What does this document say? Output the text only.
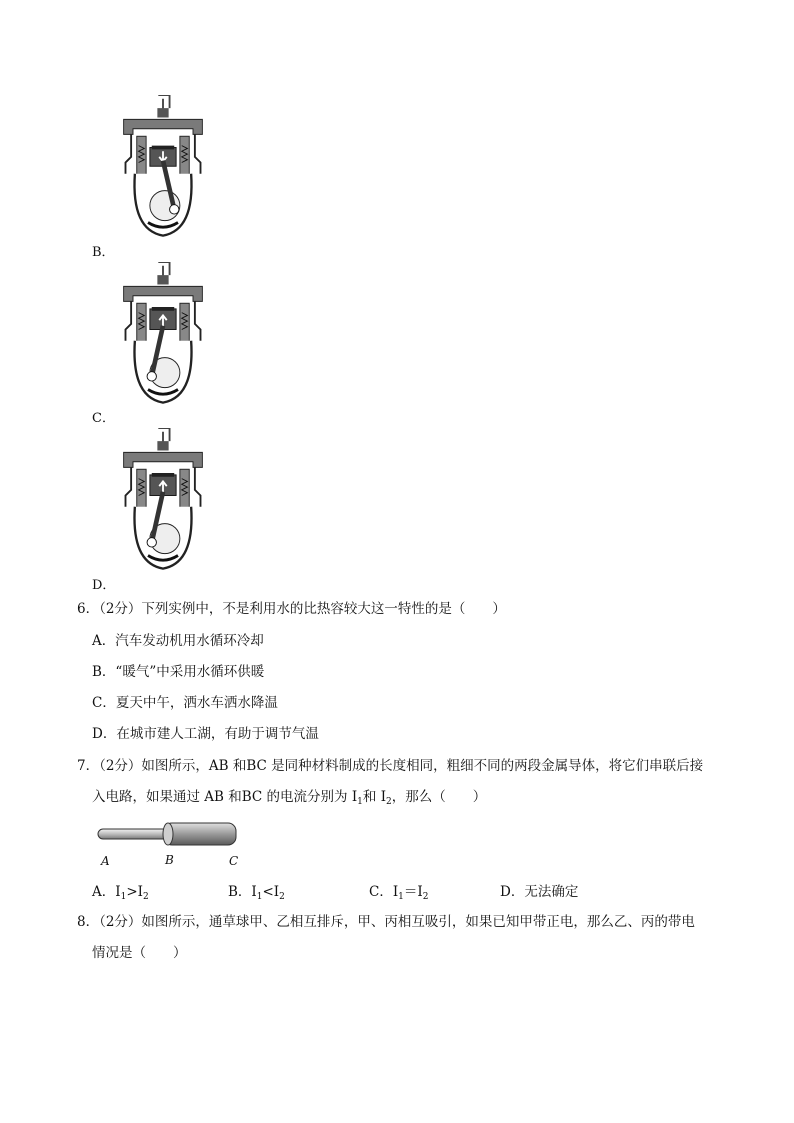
B．
C．
D．
6．（2分）下列实例中，不是利用水的比热容较大这一特性的是（　　）
A．汽车发动机用水循环冷却
B．“暖气”中采用水循环供暖
C．夏天中午，洒水车洒水降温
D．在城市建人工湖，有助于调节气温
7．（2分）如图所示，AB 和BC 是同种材料制成的长度相同，粗细不同的两段金属导体，将它们串联后接
入电路，如果通过 AB 和BC 的电流分别为 $I_1$和 $I_2$，那么（　　）
A	B	C
A．$I_1>I_2$	B．$I_1<I_2$	C．$I_1=I_2$	D．无法确定
8．（2分）如图所示，通草球甲、乙相互排斥，甲、丙相互吸引，如果已知甲带正电，那么乙、丙的带电
情况是（　　）
